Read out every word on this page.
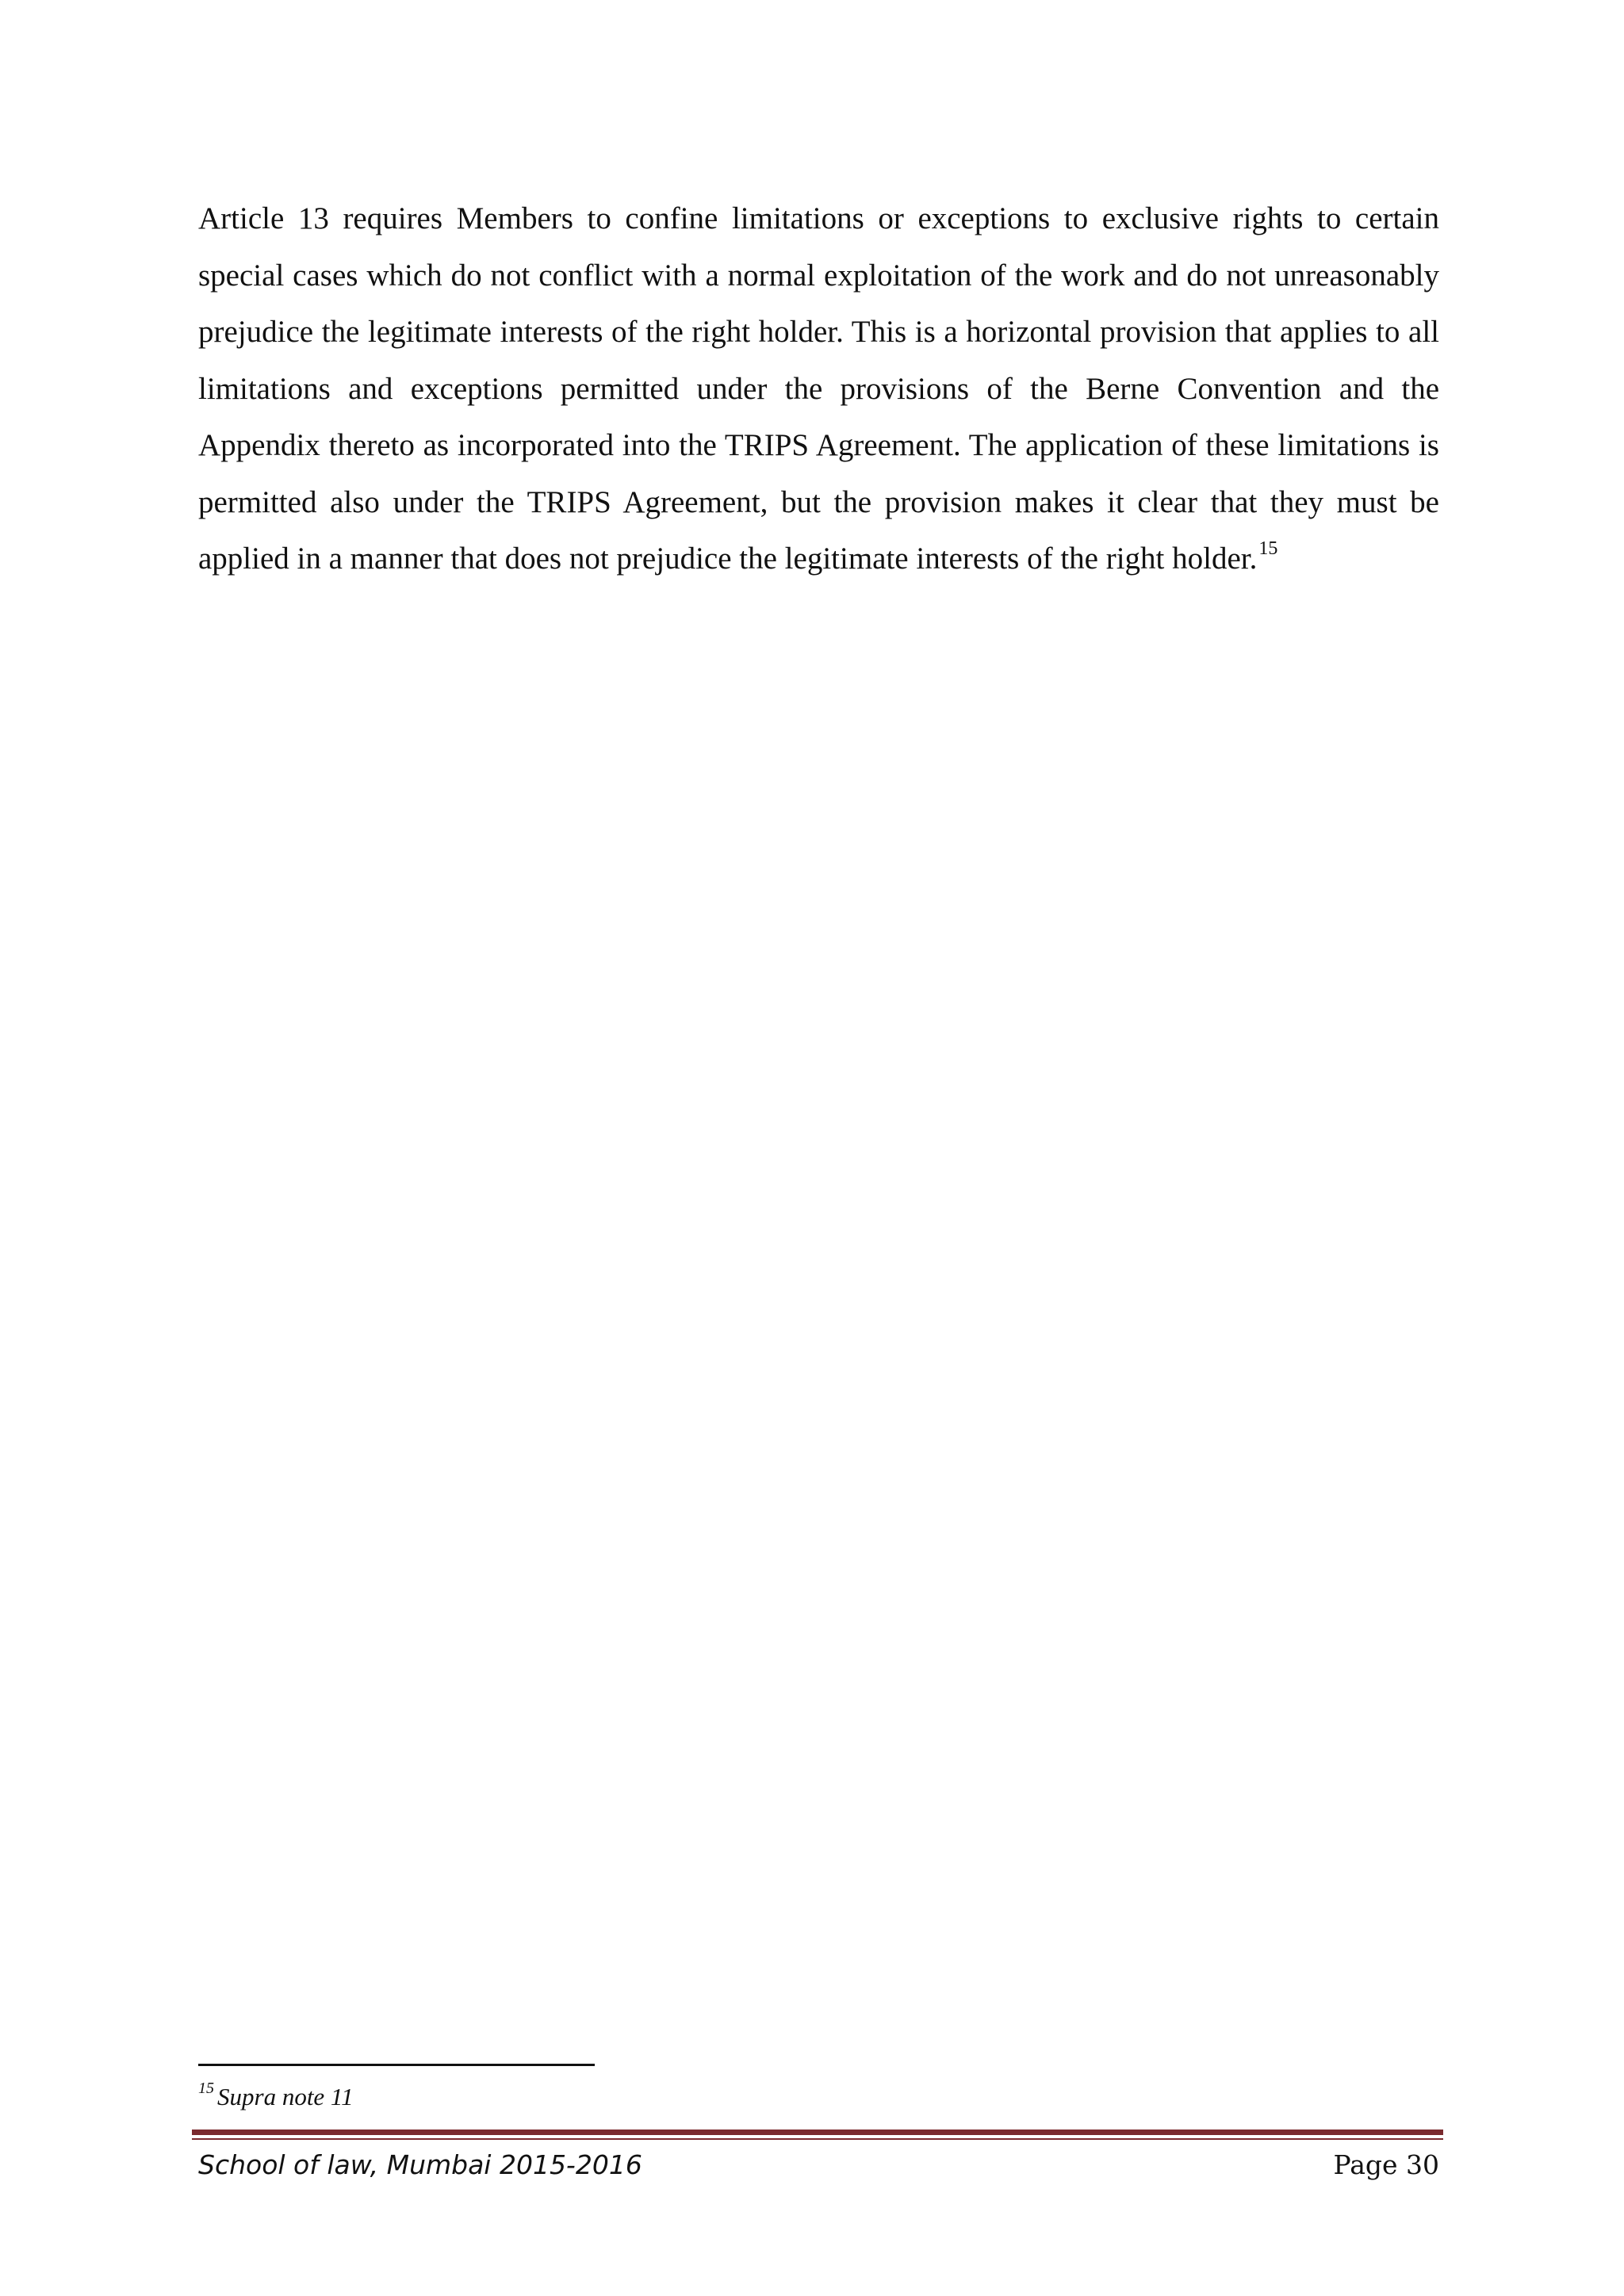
Article 13 requires Members to confine limitations or exceptions to exclusive rights to certain special cases which do not conflict with a normal exploitation of the work and do not unreasonably prejudice the legitimate interests of the right holder. This is a horizontal provision that applies to all limitations and exceptions permitted under the provisions of the Berne Convention and the Appendix thereto as incorporated into the TRIPS Agreement. The application of these limitations is permitted also under the TRIPS Agreement, but the provision makes it clear that they must be applied in a manner that does not prejudice the legitimate interests of the right holder.$^{15}$

$^{15}$ Supra note 11
School of law, Mumbai 2015-2016	Page 30
